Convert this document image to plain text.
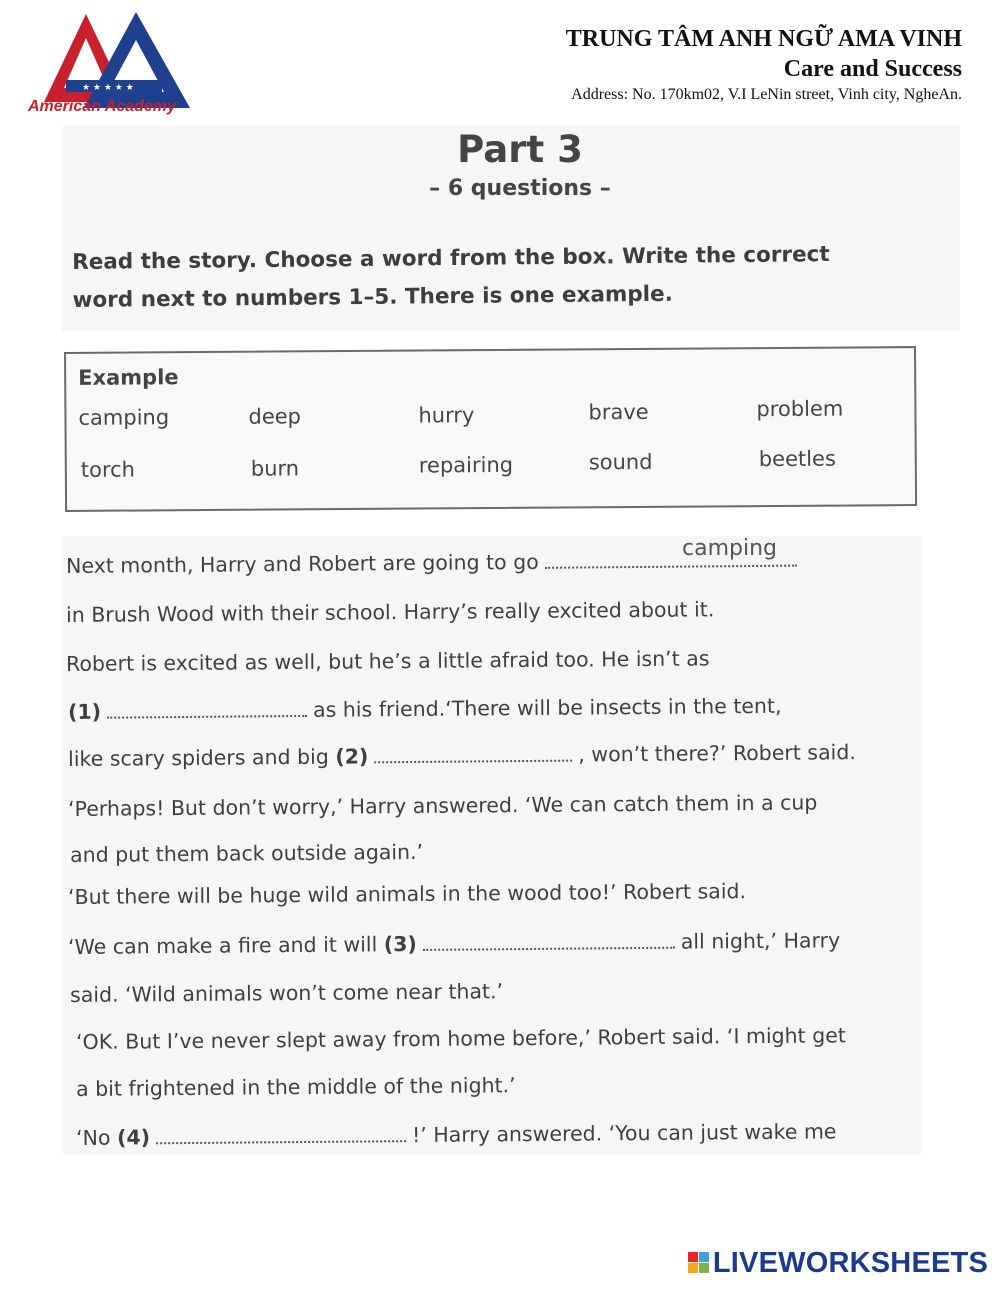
★ ★ ★ ★ ★
American Academy
TRUNG TÂM ANH NGỮ AMA VINH
Care and Success
Address: No. 170km02, V.I LeNin street, Vinh city, NgheAn.
Part 3
– 6 questions –
Read the story. Choose a word from the box. Write the correct
word next to numbers 1–5. There is one example.
Example
camping	deep	hurry	brave	problem
torch	burn	repairing	sound	beetles
camping
Next month, Harry and Robert are going to go
in Brush Wood with their school. Harry’s really excited about it.
Robert is excited as well, but he’s a little afraid too. He isn’t as
(1)	as his friend.‘There will be insects in the tent,
like scary spiders and big (2)	, won’t there?’ Robert said.
‘Perhaps! But don’t worry,’ Harry answered. ‘We can catch them in a cup
and put them back outside again.’
‘But there will be huge wild animals in the wood too!’ Robert said.
‘We can make a fire and it will (3)	all night,’ Harry
said. ‘Wild animals won’t come near that.’
‘OK. But I’ve never slept away from home before,’ Robert said. ‘I might get
a bit frightened in the middle of the night.’
‘No (4)	!’ Harry answered. ‘You can just wake me
LIVEWORKSHEETS
